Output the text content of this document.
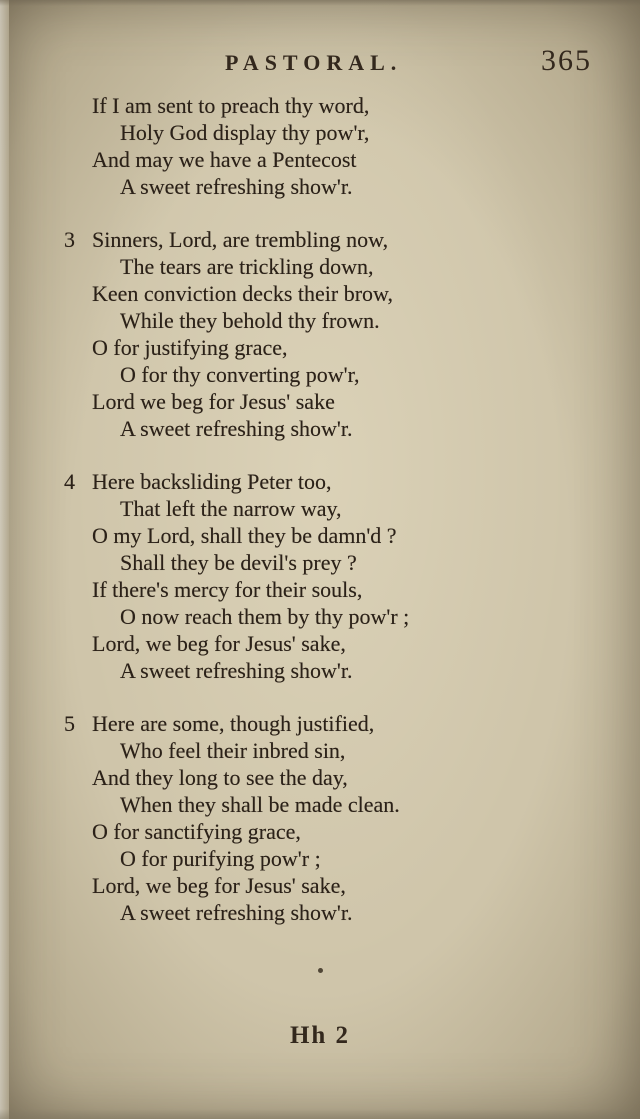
PASTORAL.	365
If I am sent to preach thy word,
Holy God display thy pow'r,
And may we have a Pentecost
A sweet refreshing show'r.
3 Sinners, Lord, are trembling now,
The tears are trickling down,
Keen conviction decks their brow,
While they behold thy frown.
O for justifying grace,
O for thy converting pow'r,
Lord we beg for Jesus' sake
A sweet refreshing show'r.
4 Here backsliding Peter too,
That left the narrow way,
O my Lord, shall they be damn'd ?
Shall they be devil's prey ?
If there's mercy for their souls,
O now reach them by thy pow'r ;
Lord, we beg for Jesus' sake,
A sweet refreshing show'r.
5 Here are some, though justified,
Who feel their inbred sin,
And they long to see the day,
When they shall be made clean.
O for sanctifying grace,
O for purifying pow'r ;
Lord, we beg for Jesus' sake,
A sweet refreshing show'r.
Hh 2
